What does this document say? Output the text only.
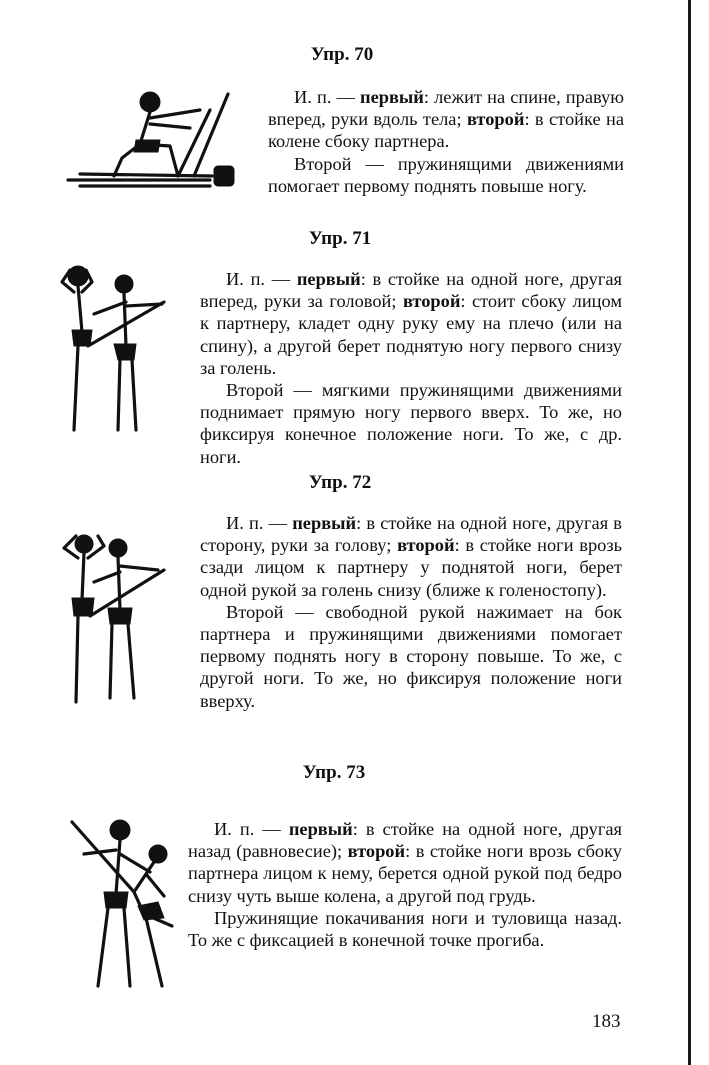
Упр. 70

И. п. — первый: лежит на спине, правую вперед, руки вдоль тела; второй: в стойке на колене сбоку партнера.

Второй — пружинящими движениями помогает первому поднять повыше ногу.

Упр. 71

И. п. — первый: в стойке на одной ноге, другая вперед, руки за головой; второй: стоит сбоку лицом к партнеру, кладет одну руку ему на плечо (или на спину), а другой берет поднятую ногу первого снизу за голень.

Второй — мягкими пружинящими движениями поднимает прямую ногу первого вверх. То же, но фиксируя конечное положение ноги. То же, с др. ноги.

Упр. 72

И. п. — первый: в стойке на одной ноге, другая в сторону, руки за голову; второй: в стойке ноги врозь сзади лицом к партнеру у поднятой ноги, берет одной рукой за голень снизу (ближе к голеностопу).

Второй — свободной рукой нажимает на бок партнера и пружинящими движениями помогает первому поднять ногу в сторону повыше. То же, с другой ноги. То же, но фиксируя положение ноги вверху.

Упр. 73

И. п. — первый: в стойке на одной ноге, другая назад (равновесие); второй: в стойке ноги врозь сбоку партнера лицом к нему, берется одной рукой под бедро снизу чуть выше колена, а другой под грудь.

Пружинящие покачивания ноги и туловища назад. То же с фиксацией в конечной точке прогиба.

183
